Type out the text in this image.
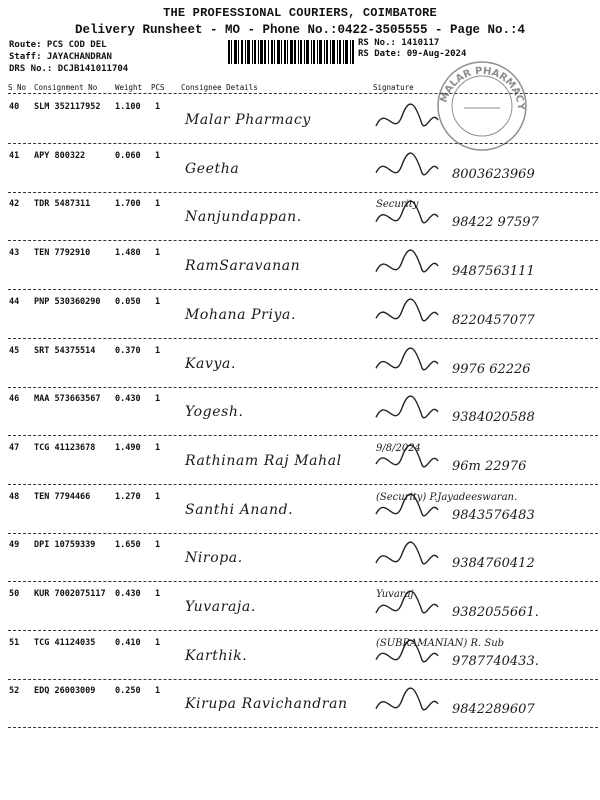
THE PROFESSIONAL COURIERS, COIMBATORE
Delivery Runsheet - MO - Phone No.:0422-3505555 - Page No.:4
Route: PCS COD DEL
Staff: JAYACHANDRAN
DRS No.: DCJB141011704
RS No.: 1410117
RS Date: 09-Aug-2024
MALAR PHARMACY
S No Consignment No Weight PCS Consignee Details	Signature
40 SLM 352117952 1.100 1
Malar Pharmacy
41 APY 800322	0.060 1
Geetha	8003623969
42 TDR 5487311	1.700 1
Nanjundappan.
Security
98422 97597
43 TEN 7792910	1.480 1
RamSaravanan	9487563111
44 PNP 530360290 0.050 1
Mohana Priya.	8220457077
45 SRT 54375514 0.370 1
Kavya.	9976 62226
46 MAA 573663567 0.430 1
Yogesh.	9384020588
47 TCG 41123678 1.490 1
Rathinam Raj Mahal
9/8/2024
96m 22976
48 TEN 7794466	1.270 1
Santhi Anand.
(Security) P.Jayadeeswaran.
9843576483
49 DPI 10759339 1.650 1
Niropa.	9384760412
50 KUR 7002075117 0.430 1
Yuvaraja.
Yuvaraj
9382055661.
51 TCG 41124035 0.410 1
Karthik.
(SUBRAMANIAN) R. Sub
9787740433.
52 EDQ 26003009 0.250 1
Kirupa Ravichandran	9842289607
